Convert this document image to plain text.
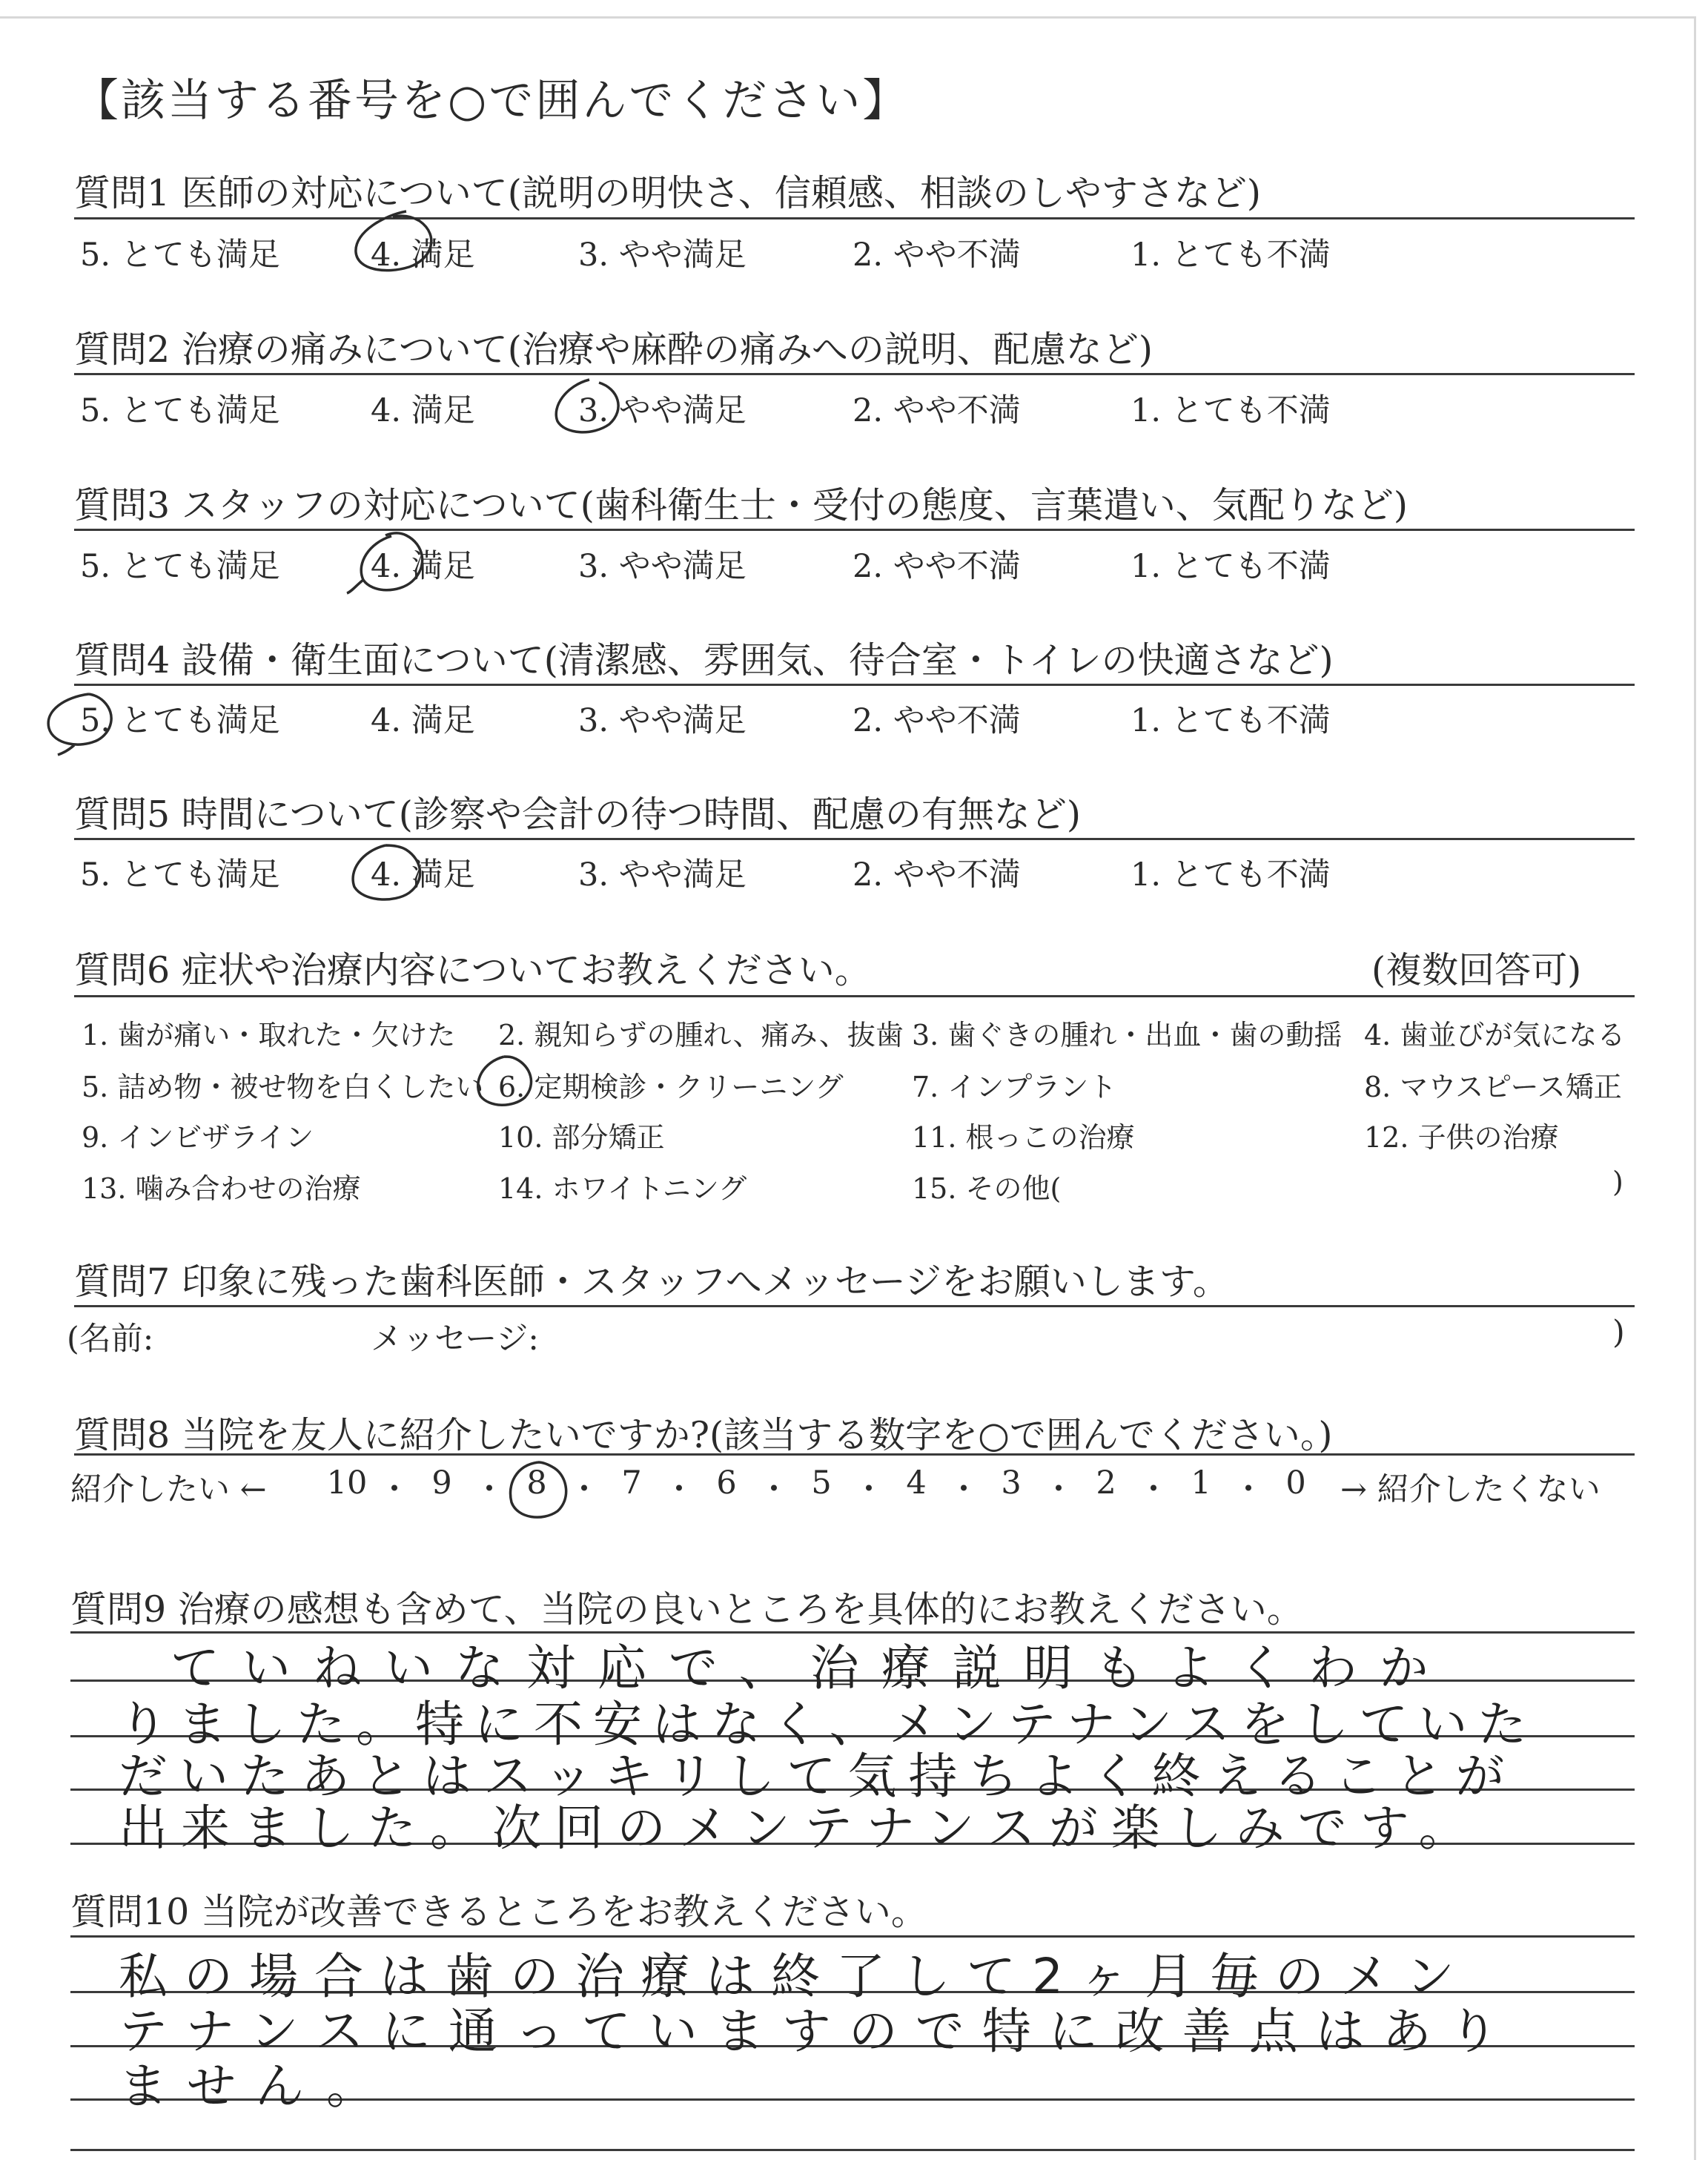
【該当する番号を○で囲んでください】
質問1 医師の対応について(説明の明快さ、信頼感、相談のしやすさなど)
5. とても満足	4. 満足	3. やや満足	2. やや不満	1. とても不満
質問2 治療の痛みについて(治療や麻酔の痛みへの説明、配慮など)
5. とても満足	4. 満足	3. やや満足	2. やや不満	1. とても不満
質問3 スタッフの対応について(歯科衛生士・受付の態度、言葉遣い、気配りなど)
5. とても満足	4. 満足	3. やや満足	2. やや不満	1. とても不満
質問4 設備・衛生面について(清潔感、雰囲気、待合室・トイレの快適さなど)
5. とても満足	4. 満足	3. やや満足	2. やや不満	1. とても不満
質問5 時間について(診察や会計の待つ時間、配慮の有無など)
5. とても満足	4. 満足	3. やや満足	2. やや不満	1. とても不満
質問6 症状や治療内容についてお教えください。	(複数回答可)
1. 歯が痛い・取れた・欠けた 2. 親知らずの腫れ、痛み、抜歯 3. 歯ぐきの腫れ・出血・歯の動揺 4. 歯並びが気になる
5. 詰め物・被せ物を白くしたい 6. 定期検診・クリーニング 7. インプラント	8. マウスピース矯正
9. インビザライン	10. 部分矯正	11. 根っこの治療	12. 子供の治療
13. 噛み合わせの治療	14. ホワイトニング	15. その他(	)
質問7 印象に残った歯科医師・スタッフへメッセージをお願いします。
(名前:	メッセージ:	)
質問8 当院を友人に紹介したいですか?(該当する数字を○で囲んでください。)
紹介したい ←	→ 紹介したくない
10 ・ 9 ・ 8 ・ 7 ・ 6 ・ 5 ・ 4 ・ 3 ・ 2 ・ 1 ・ 0
質問9 治療の感想も含めて、当院の良いところを具体的にお教えください。
ていねいな対応で、治療説明もよくわか
りました。特に不安はなく、メンテナンスをしていた
だいたあとはスッキリして気持ちよく終えることが
出来ました。次回のメンテナンスが楽しみです。
質問10 当院が改善できるところをお教えください。
私の場合は歯の治療は終了して2ヶ月毎のメン
テナンスに通っていますので特に改善点はあり
ません。
